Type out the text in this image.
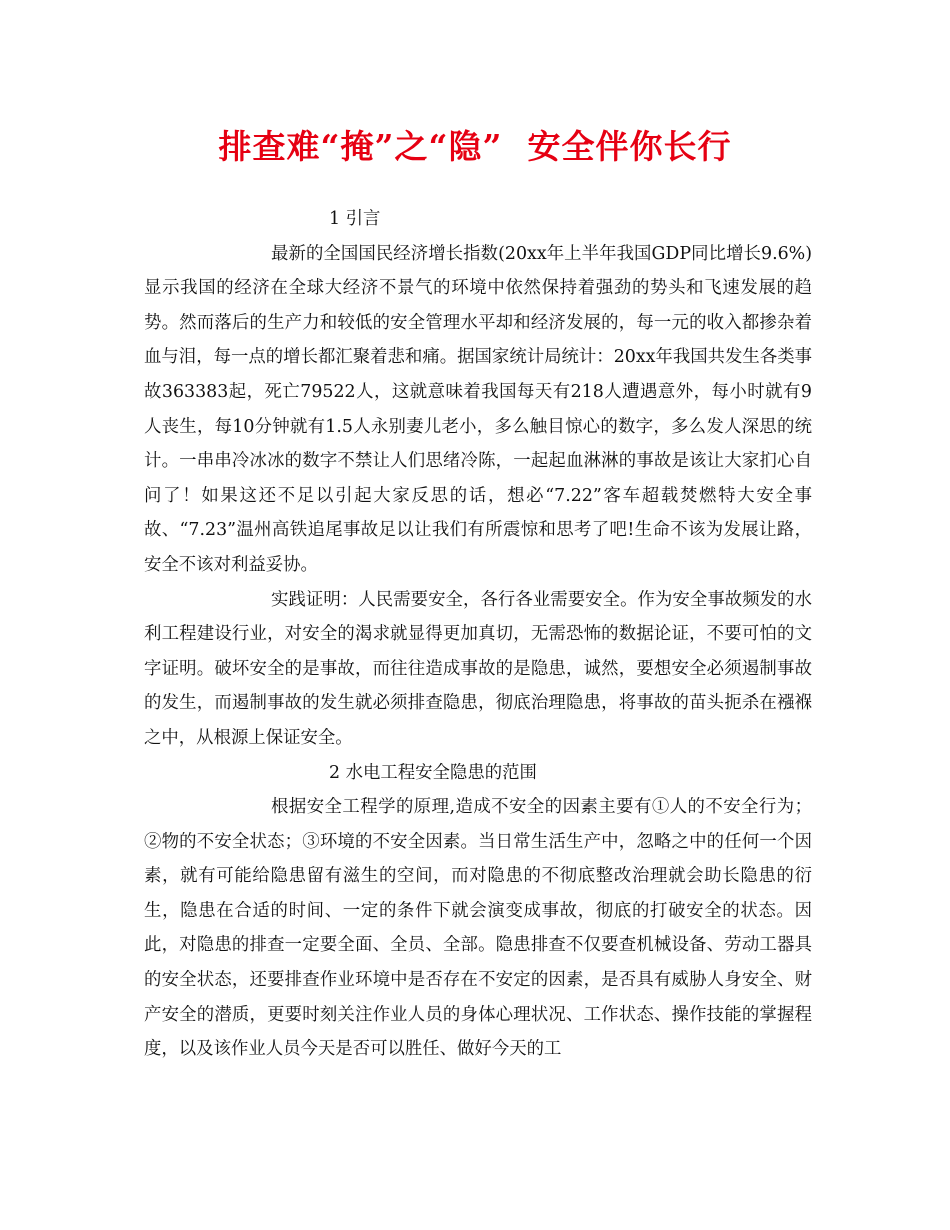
排查难“掩”之“隐”  安全伴你长行

1 引言

最新的全国国民经济增长指数(20xx年上半年我国GDP同比增长9.6%)显示我国的经济在全球大经济不景气的环境中依然保持着强劲的势头和飞速发展的趋势。然而落后的生产力和较低的安全管理水平却和经济发展的，每一元的收入都掺杂着血与泪，每一点的增长都汇聚着悲和痛。据国家统计局统计：20xx年我国共发生各类事故363383起，死亡79522人，这就意味着我国每天有218人遭遇意外，每小时就有9人丧生，每10分钟就有1.5人永别妻儿老小，多么触目惊心的数字，多么发人深思的统计。一串串冷冰冰的数字不禁让人们思绪冷陈，一起起血淋淋的事故是该让大家扪心自问了！如果这还不足以引起大家反思的话，想必“7.22”客车超载焚燃特大安全事故、“7.23”温州高铁追尾事故足以让我们有所震惊和思考了吧!生命不该为发展让路，安全不该对利益妥协。

实践证明：人民需要安全，各行各业需要安全。作为安全事故频发的水利工程建设行业，对安全的渴求就显得更加真切，无需恐怖的数据论证，不要可怕的文字证明。破坏安全的是事故，而往往造成事故的是隐患，诚然，要想安全必须遏制事故的发生，而遏制事故的发生就必须排查隐患，彻底治理隐患，将事故的苗头扼杀在襁褓之中，从根源上保证安全。

2 水电工程安全隐患的范围

根据安全工程学的原理,造成不安全的因素主要有①人的不安全行为；②物的不安全状态；③环境的不安全因素。当日常生活生产中，忽略之中的任何一个因素，就有可能给隐患留有滋生的空间，而对隐患的不彻底整改治理就会助长隐患的衍生，隐患在合适的时间、一定的条件下就会演变成事故，彻底的打破安全的状态。因此，对隐患的排查一定要全面、全员、全部。隐患排查不仅要查机械设备、劳动工器具的安全状态，还要排查作业环境中是否存在不安定的因素，是否具有威胁人身安全、财产安全的潜质，更要时刻关注作业人员的身体心理状况、工作状态、操作技能的掌握程度，以及该作业人员今天是否可以胜任、做好今天的工
